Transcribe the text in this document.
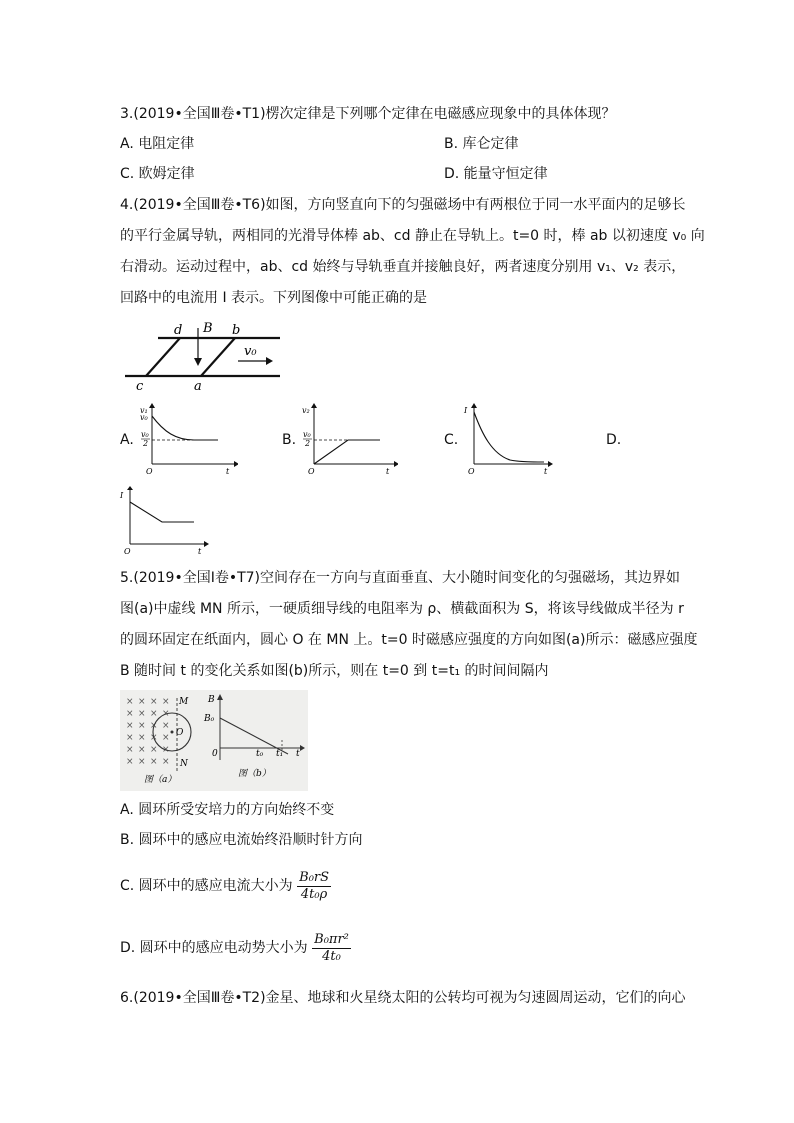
3.(2019•全国Ⅲ卷•T1)楞次定律是下列哪个定律在电磁感应现象中的具体体现？
A. 电阻定律	B. 库仑定律
C. 欧姆定律	D. 能量守恒定律
4.(2019•全国Ⅲ卷•T6)如图，方向竖直向下的匀强磁场中有两根位于同一水平面内的足够长
的平行金属导轨，两相同的光滑导体棒 ab、cd 静止在导轨上。t=0 时，棒 ab 以初速度 v₀ 向
右滑动。运动过程中，ab、cd 始终与导轨垂直并接触良好，两者速度分别用 v₁、v₂ 表示，
回路中的电流用 I 表示。下列图像中可能正确的是
d B b
v₀
c	a
A.	B.	C.	D.
v₁
v₀
v₀
2
O	t
v₂
v₀
2
O	t
I
O	t
I
O	t
5.(2019•全国Ⅰ卷•T7)空间存在一方向与直面垂直、大小随时间变化的匀强磁场，其边界如
图(a)中虚线 MN 所示，一硬质细导线的电阻率为 ρ、横截面积为 S，将该导线做成半径为 r
的圆环固定在纸面内，圆心 O 在 MN 上。t=0 时磁感应强度的方向如图(a)所示：磁感应强度
B 随时间 t 的变化关系如图(b)所示，则在 t=0 到 t=t₁ 的时间间隔内
× × × ×
× × × ×
× × × ×
× × × ×
× × × ×
× × × ×
M
O
N
图（a）
B
B₀
0	t₀ t₁ t
图（b）
A. 圆环所受安培力的方向始终不变
B. 圆环中的感应电流始终沿顺时针方向
C. 圆环中的感应电流大小为 $\frac{\text{B₀rS}}{\text{4t₀ρ}}$
D. 圆环中的感应电动势大小为 $\frac{\text{B₀πr²}}{\text{4t₀}}$
6.(2019•全国Ⅲ卷•T2)金星、地球和火星绕太阳的公转均可视为匀速圆周运动，它们的向心
